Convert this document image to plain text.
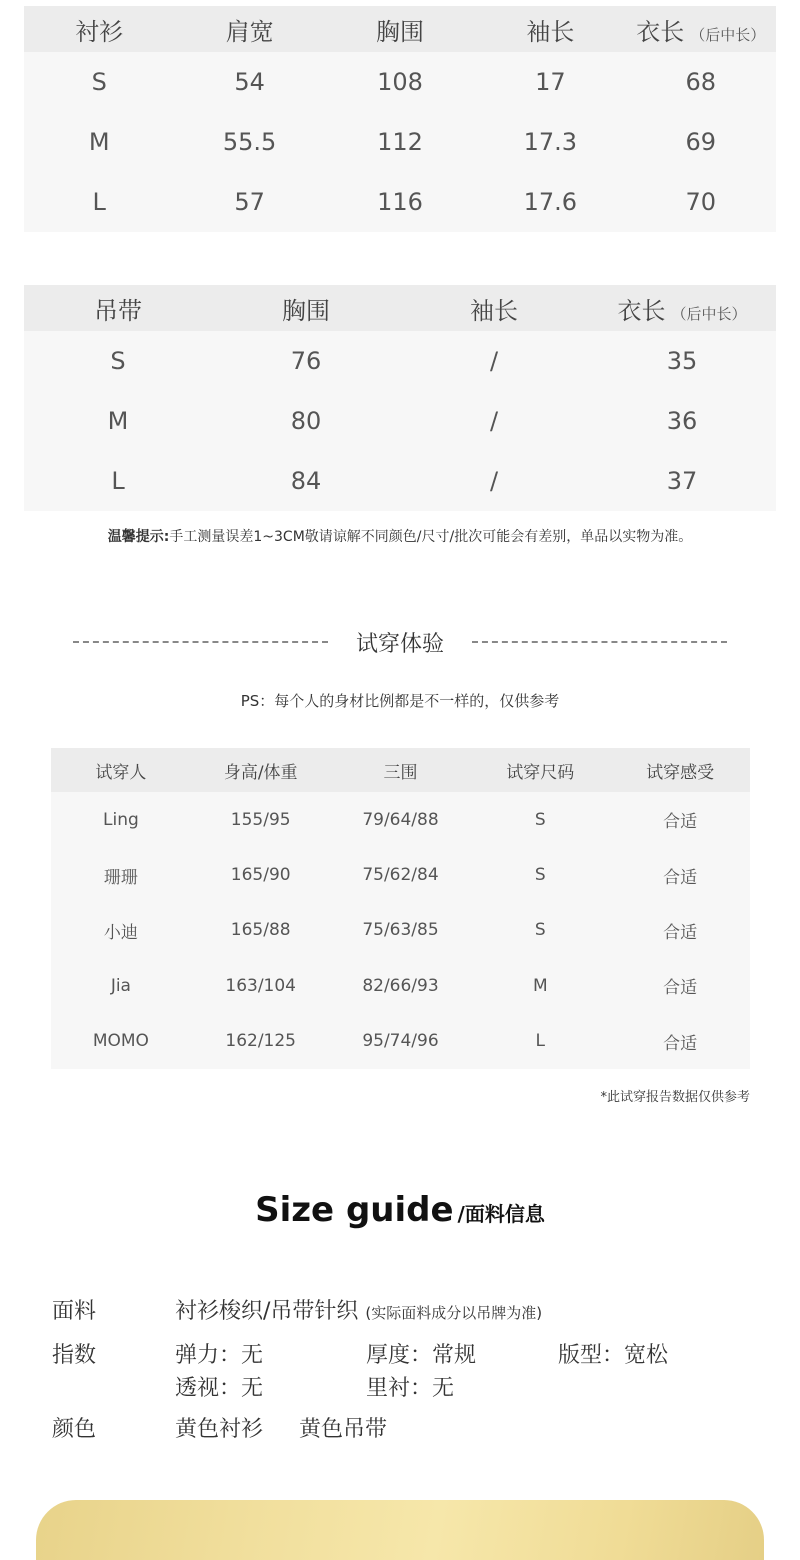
衬衫	肩宽	胸围	袖长	衣长 （后中长）
S	54	108	17	68
M	55.5	112	17.3	69
L	57	116	17.6	70
吊带	胸围	袖长	衣长 （后中长）
S	76	/	35
M	80	/	36
L	84	/	37
温馨提示:手工测量误差1~3CM敬请谅解不同颜色/尺寸/批次可能会有差别，单品以实物为准。
试穿体验
PS：每个人的身材比例都是不一样的，仅供参考
试穿人	身高/体重	三围	试穿尺码	试穿感受
Ling	155/95	79/64/88	S	合适
珊珊	165/90	75/62/84	S	合适
小迪	165/88	75/63/85	S	合适
Jia	163/104	82/66/93	M	合适
MOMO	162/125	95/74/96	L	合适
*此试穿报告数据仅供参考
Size guide /面料信息
面料	衬衫梭织/吊带针织 (实际面料成分以吊牌为准)
指数	弹力：无	厚度：常规	版型：宽松
透视：无	里衬：无
颜色	黄色衬衫 黄色吊带
